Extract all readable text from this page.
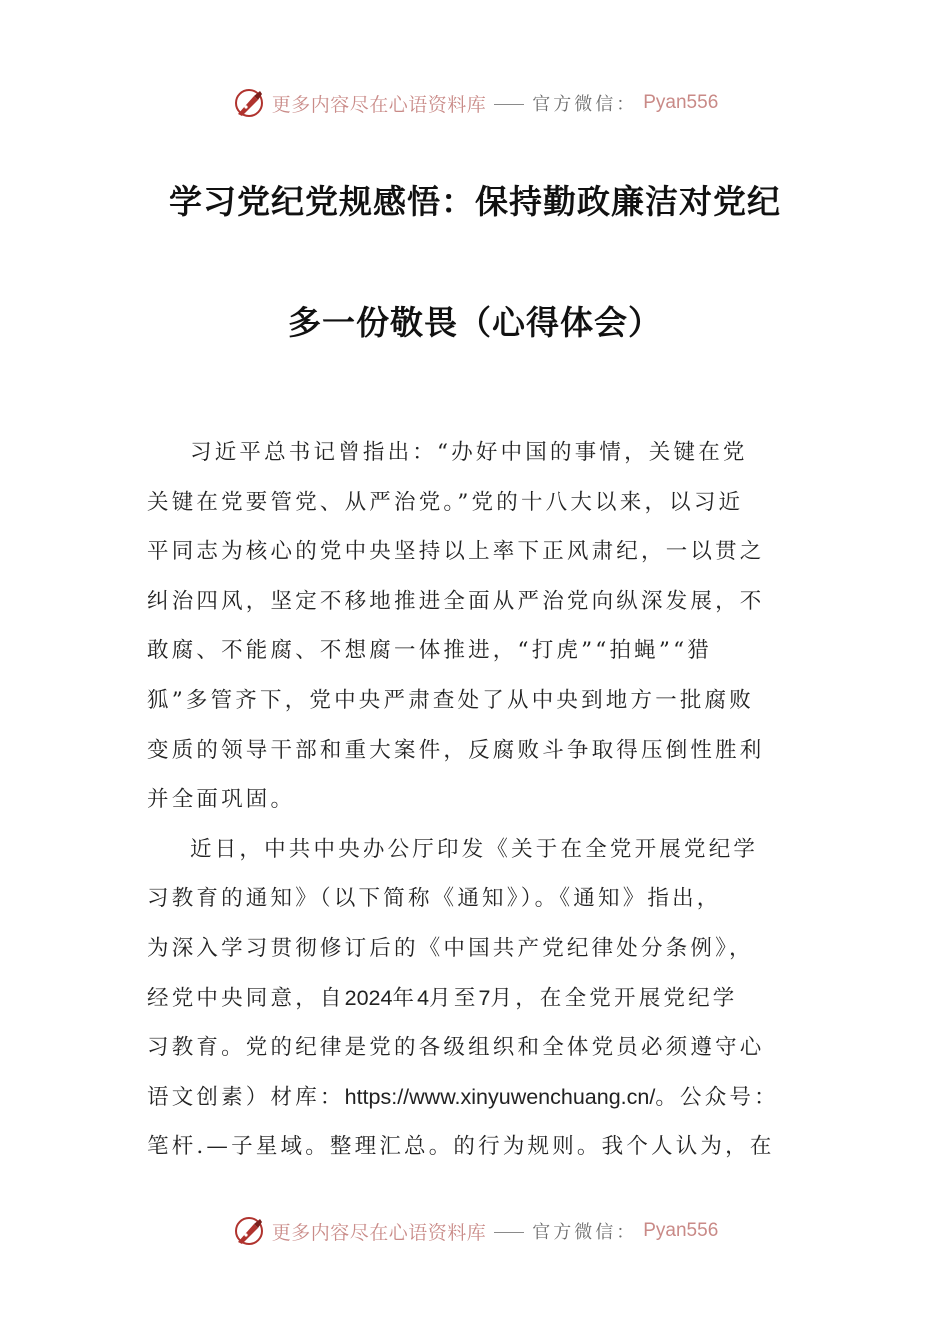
更多内容尽在心语资料库	官方微信： Pyan556
学习党纪党规感悟：保持勤政廉洁对党纪
多一份敬畏（心得体会）

习近平总书记曾指出：“办好中国的事情，关键在党
关键在党要管党、从严治党。”党的十八大以来，以习近
平同志为核心的党中央坚持以上率下正风肃纪，一以贯之
纠治四风，坚定不移地推进全面从严治党向纵深发展，不
敢腐、不能腐、不想腐一体推进，“打虎”“拍蝇”“猎
狐”多管齐下，党中央严肃查处了从中央到地方一批腐败
变质的领导干部和重大案件，反腐败斗争取得压倒性胜利
并全面巩固。

近日，中共中央办公厅印发《关于在全党开展党纪学
习教育的通知》（以下简称《通知》）。《通知》指出，
为深入学习贯彻修订后的《中国共产党纪律处分条例》，
经党中央同意，自2024年4月至7月，在全党开展党纪学
习教育。党的纪律是党的各级组织和全体党员必须遵守心
语文创素）材库：https://www.xinyuwenchuang.cn/。公众号：
笔杆.—子星域。整理汇总。的行为规则。我个人认为，在

更多内容尽在心语资料库	官方微信： Pyan556
